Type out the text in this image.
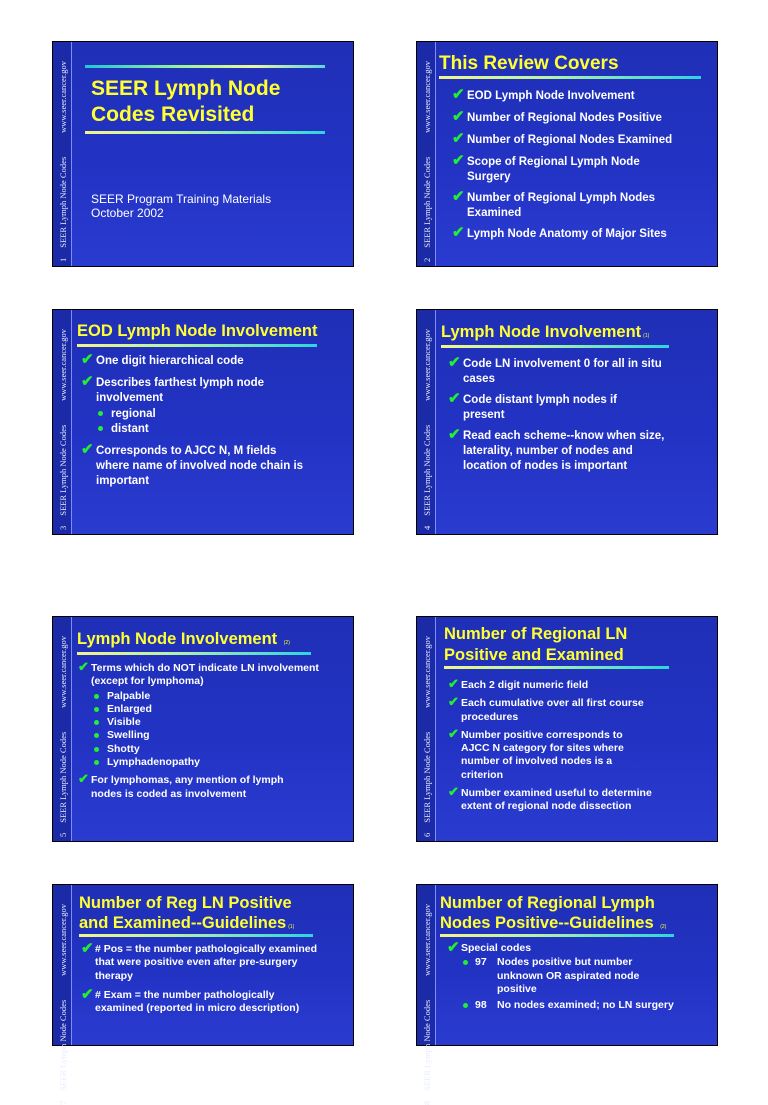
1SEER Lymph Node Codeswww.seer.cancer.gov SEER Lymph Node
Codes Revisited
SEER Program Training Materials
October 2002
2SEER Lymph Node Codeswww.seer.cancer.gov This Review Covers
✔ EOD Lymph Node Involvement
✔ Number of Regional Nodes Positive
✔ Number of Regional Nodes Examined
✔ Scope of Regional Lymph Node Surgery
✔ Number of Regional Lymph Nodes Examined
✔ Lymph Node Anatomy of Major Sites
3SEER Lymph Node Codeswww.seer.cancer.gov EOD Lymph Node Involvement
✔ One digit hierarchical code
✔ Describes farthest lymph node involvement
regional
distant
✔ Corresponds to AJCC N, M fields where name of involved node chain is important
4SEER Lymph Node Codeswww.seer.cancer.gov Lymph Node Involvement (1)
✔ Code LN involvement 0 for all in situ cases
✔ Code distant lymph nodes if present
✔ Read each scheme--know when size, laterality, number of nodes and location of nodes is important
5SEER Lymph Node Codeswww.seer.cancer.gov Lymph Node Involvement (2)
✔ Terms which do NOT indicate LN involvement (except for lymphoma)
Palpable
Enlarged
Visible
Swelling
Shotty
Lymphadenopathy
✔ For lymphomas, any mention of lymph nodes is coded as involvement
6SEER Lymph Node Codeswww.seer.cancer.gov
Number of Regional LN
Positive and Examined
✔ Each 2 digit numeric field
✔ Each cumulative over all first course procedures
✔ Number positive corresponds to AJCC N category for sites where number of involved nodes is a criterion
✔ Number examined useful to determine extent of regional node dissection
7SEER Lymph Node Codeswww.seer.cancer.gov
Number of Reg LN Positive
and Examined--Guidelines (1)
✔ # Pos = the number pathologically examined that were positive even after pre-surgery therapy
✔ # Exam = the number pathologically examined (reported in micro description)
8SEER Lymph Node Codeswww.seer.cancer.gov
Number of Regional Lymph
Nodes Positive--Guidelines (2)
✔ Special codes
97 Nodes positive but number unknown OR aspirated node positive
98 No nodes examined; no LN surgery
